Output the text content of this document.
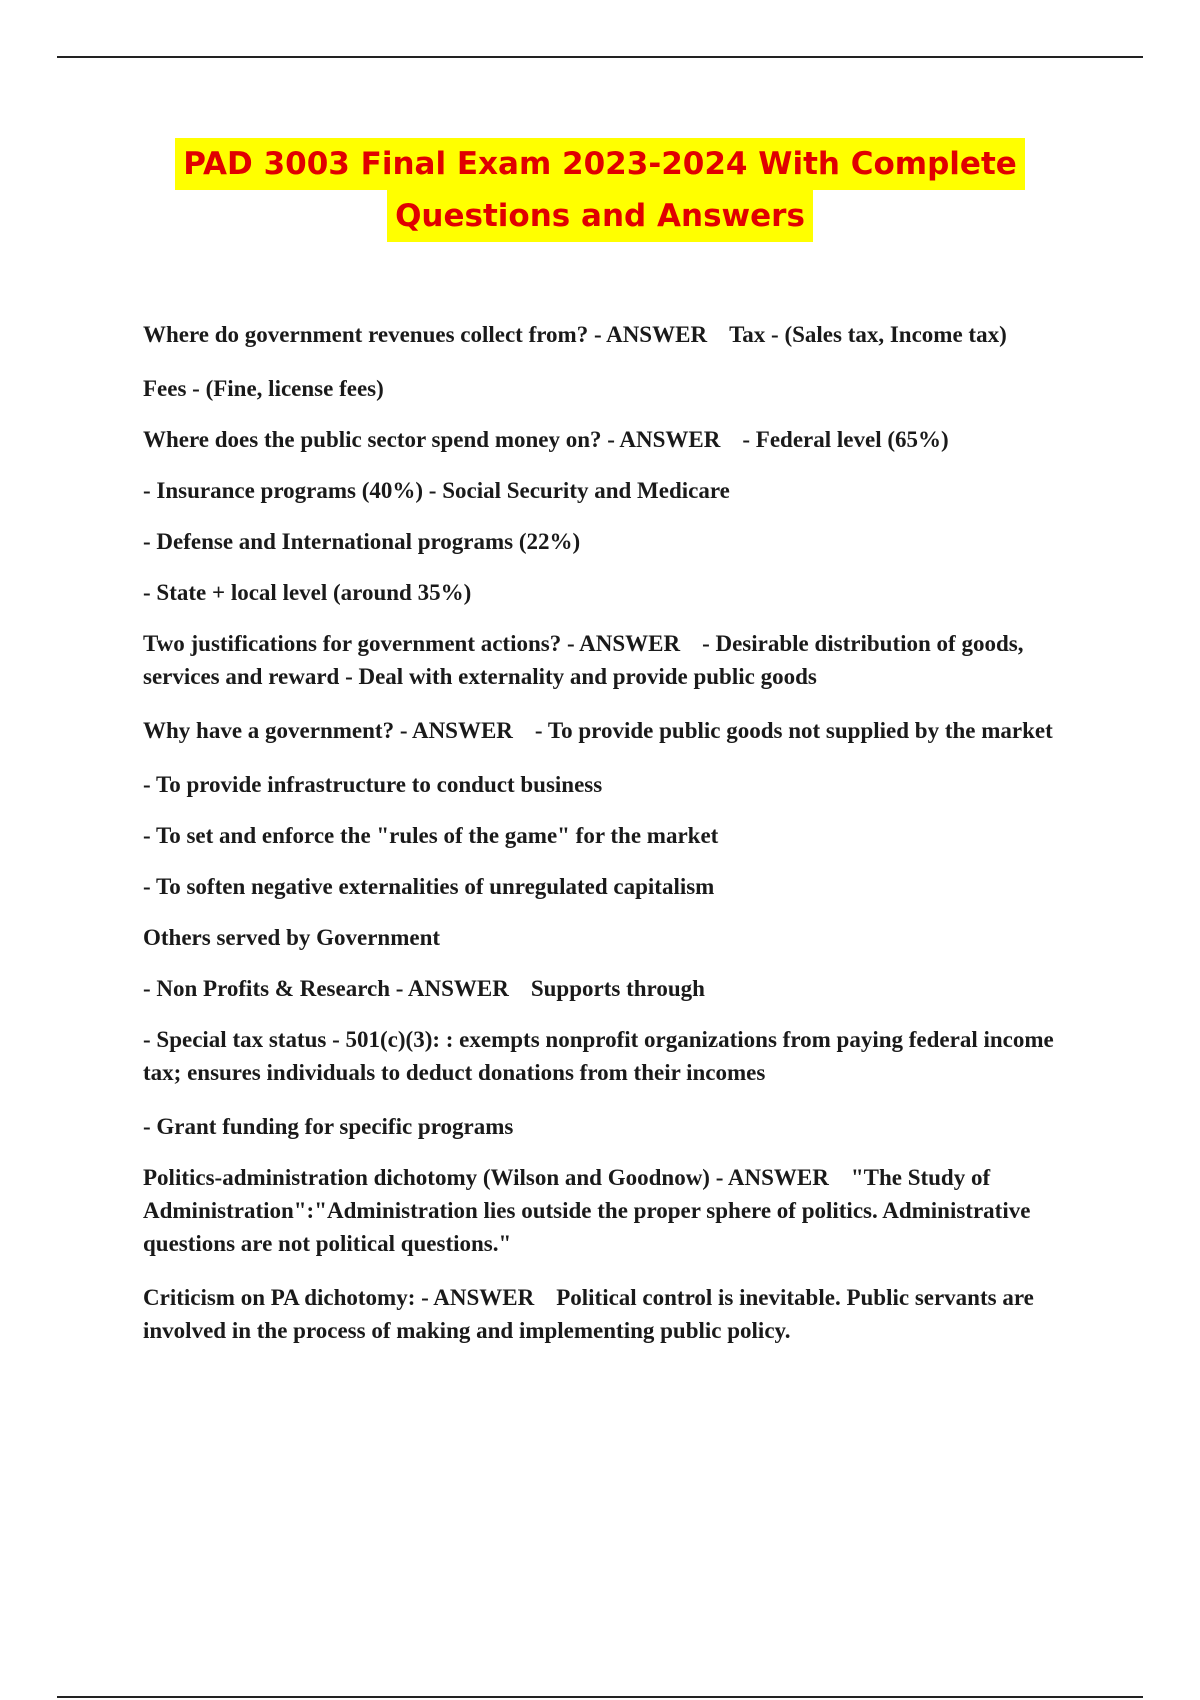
PAD 3003 Final Exam 2023-2024 With Complete
Questions and Answers

Where do government revenues collect from? - ANSWER Tax - (Sales tax, Income tax)

Fees - (Fine, license fees)

Where does the public sector spend money on? - ANSWER - Federal level (65%)

- Insurance programs (40%) - Social Security and Medicare

- Defense and International programs (22%)

- State + local level (around 35%)

Two justifications for government actions? - ANSWER - Desirable distribution of goods, services and reward - Deal with externality and provide public goods

Why have a government? - ANSWER - To provide public goods not supplied by the market

- To provide infrastructure to conduct business

- To set and enforce the "rules of the game" for the market

- To soften negative externalities of unregulated capitalism

Others served by Government

- Non Profits & Research - ANSWER Supports through

- Special tax status - 501(c)(3): : exempts nonprofit organizations from paying federal income tax; ensures individuals to deduct donations from their incomes

- Grant funding for specific programs

Politics-administration dichotomy (Wilson and Goodnow) - ANSWER "The Study of Administration":"Administration lies outside the proper sphere of politics. Administrative questions are not political questions."

Criticism on PA dichotomy: - ANSWER Political control is inevitable. Public servants are involved in the process of making and implementing public policy.
